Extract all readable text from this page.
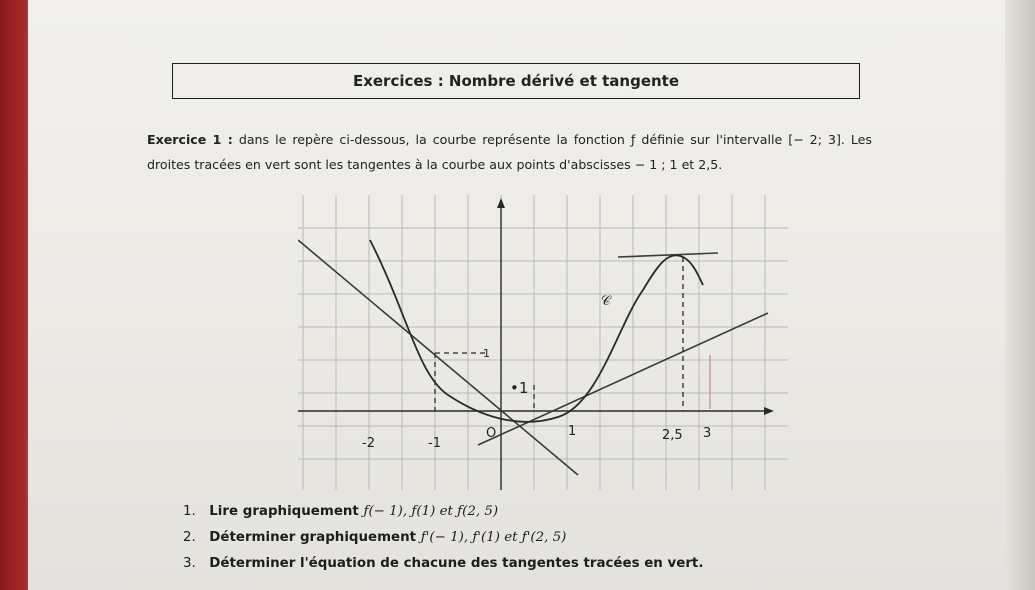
Exercices : Nombre dérivé et tangente
Exercice 1 : dans le repère ci-dessous, la courbe représente la fonction ƒ définie sur l'intervalle [− 2; 3]. Les droites tracées en vert sont les tangentes à la courbe aux points d'abscisses − 1 ; 1 et 2,5.
𝒞
-2	-1
O	1	2,5 3
1
•1
1. Lire graphiquement ƒ(− 1), ƒ(1) et ƒ(2, 5)
2. Déterminer graphiquement ƒ'(− 1), ƒ'(1) et ƒ'(2, 5)
3. Déterminer l'équation de chacune des tangentes tracées en vert.
